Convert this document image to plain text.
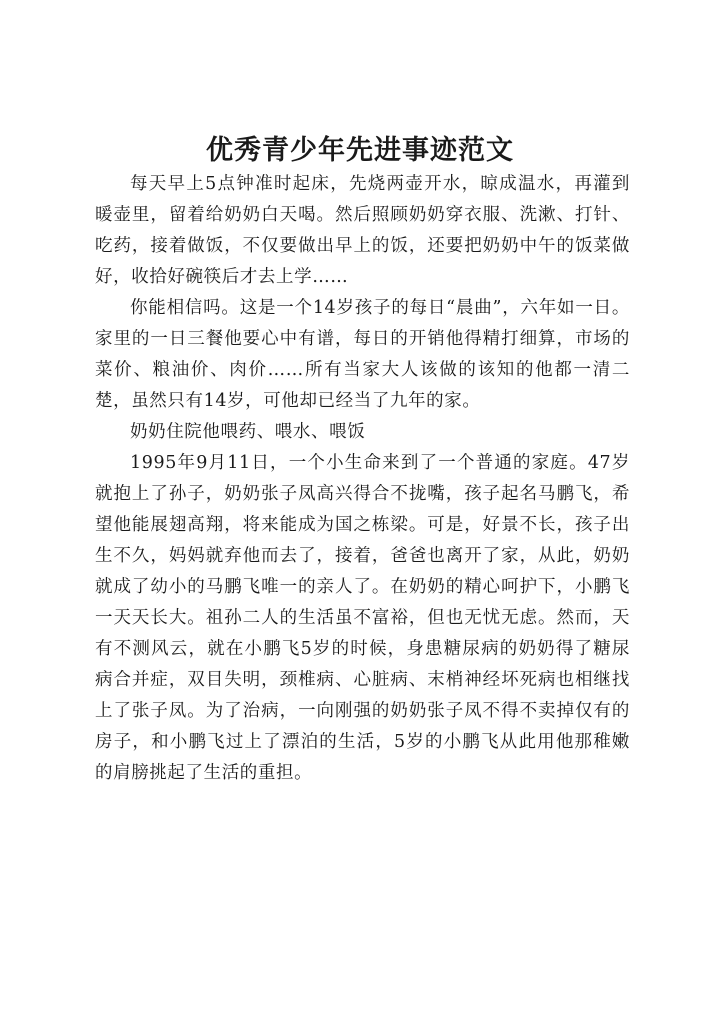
优秀青少年先进事迹范文

每天早上5点钟准时起床，先烧两壶开水，晾成温水，再灌到暖壶里，留着给奶奶白天喝。然后照顾奶奶穿衣服、洗漱、打针、吃药，接着做饭，不仅要做出早上的饭，还要把奶奶中午的饭菜做好，收拾好碗筷后才去上学……

你能相信吗。这是一个14岁孩子的每日“晨曲”，六年如一日。家里的一日三餐他要心中有谱，每日的开销他得精打细算，市场的菜价、粮油价、肉价……所有当家大人该做的该知的他都一清二楚，虽然只有14岁，可他却已经当了九年的家。

奶奶住院他喂药、喂水、喂饭

1995年9月11日，一个小生命来到了一个普通的家庭。47岁就抱上了孙子，奶奶张子凤高兴得合不拢嘴，孩子起名马鹏飞，希望他能展翅高翔，将来能成为国之栋梁。可是，好景不长，孩子出生不久，妈妈就弃他而去了，接着，爸爸也离开了家，从此，奶奶就成了幼小的马鹏飞唯一的亲人了。在奶奶的精心呵护下，小鹏飞一天天长大。祖孙二人的生活虽不富裕，但也无忧无虑。然而，天有不测风云，就在小鹏飞5岁的时候，身患糖尿病的奶奶得了糖尿病合并症，双目失明，颈椎病、心脏病、末梢神经坏死病也相继找上了张子凤。为了治病，一向刚强的奶奶张子凤不得不卖掉仅有的房子，和小鹏飞过上了漂泊的生活，5岁的小鹏飞从此用他那稚嫩的肩膀挑起了生活的重担。
